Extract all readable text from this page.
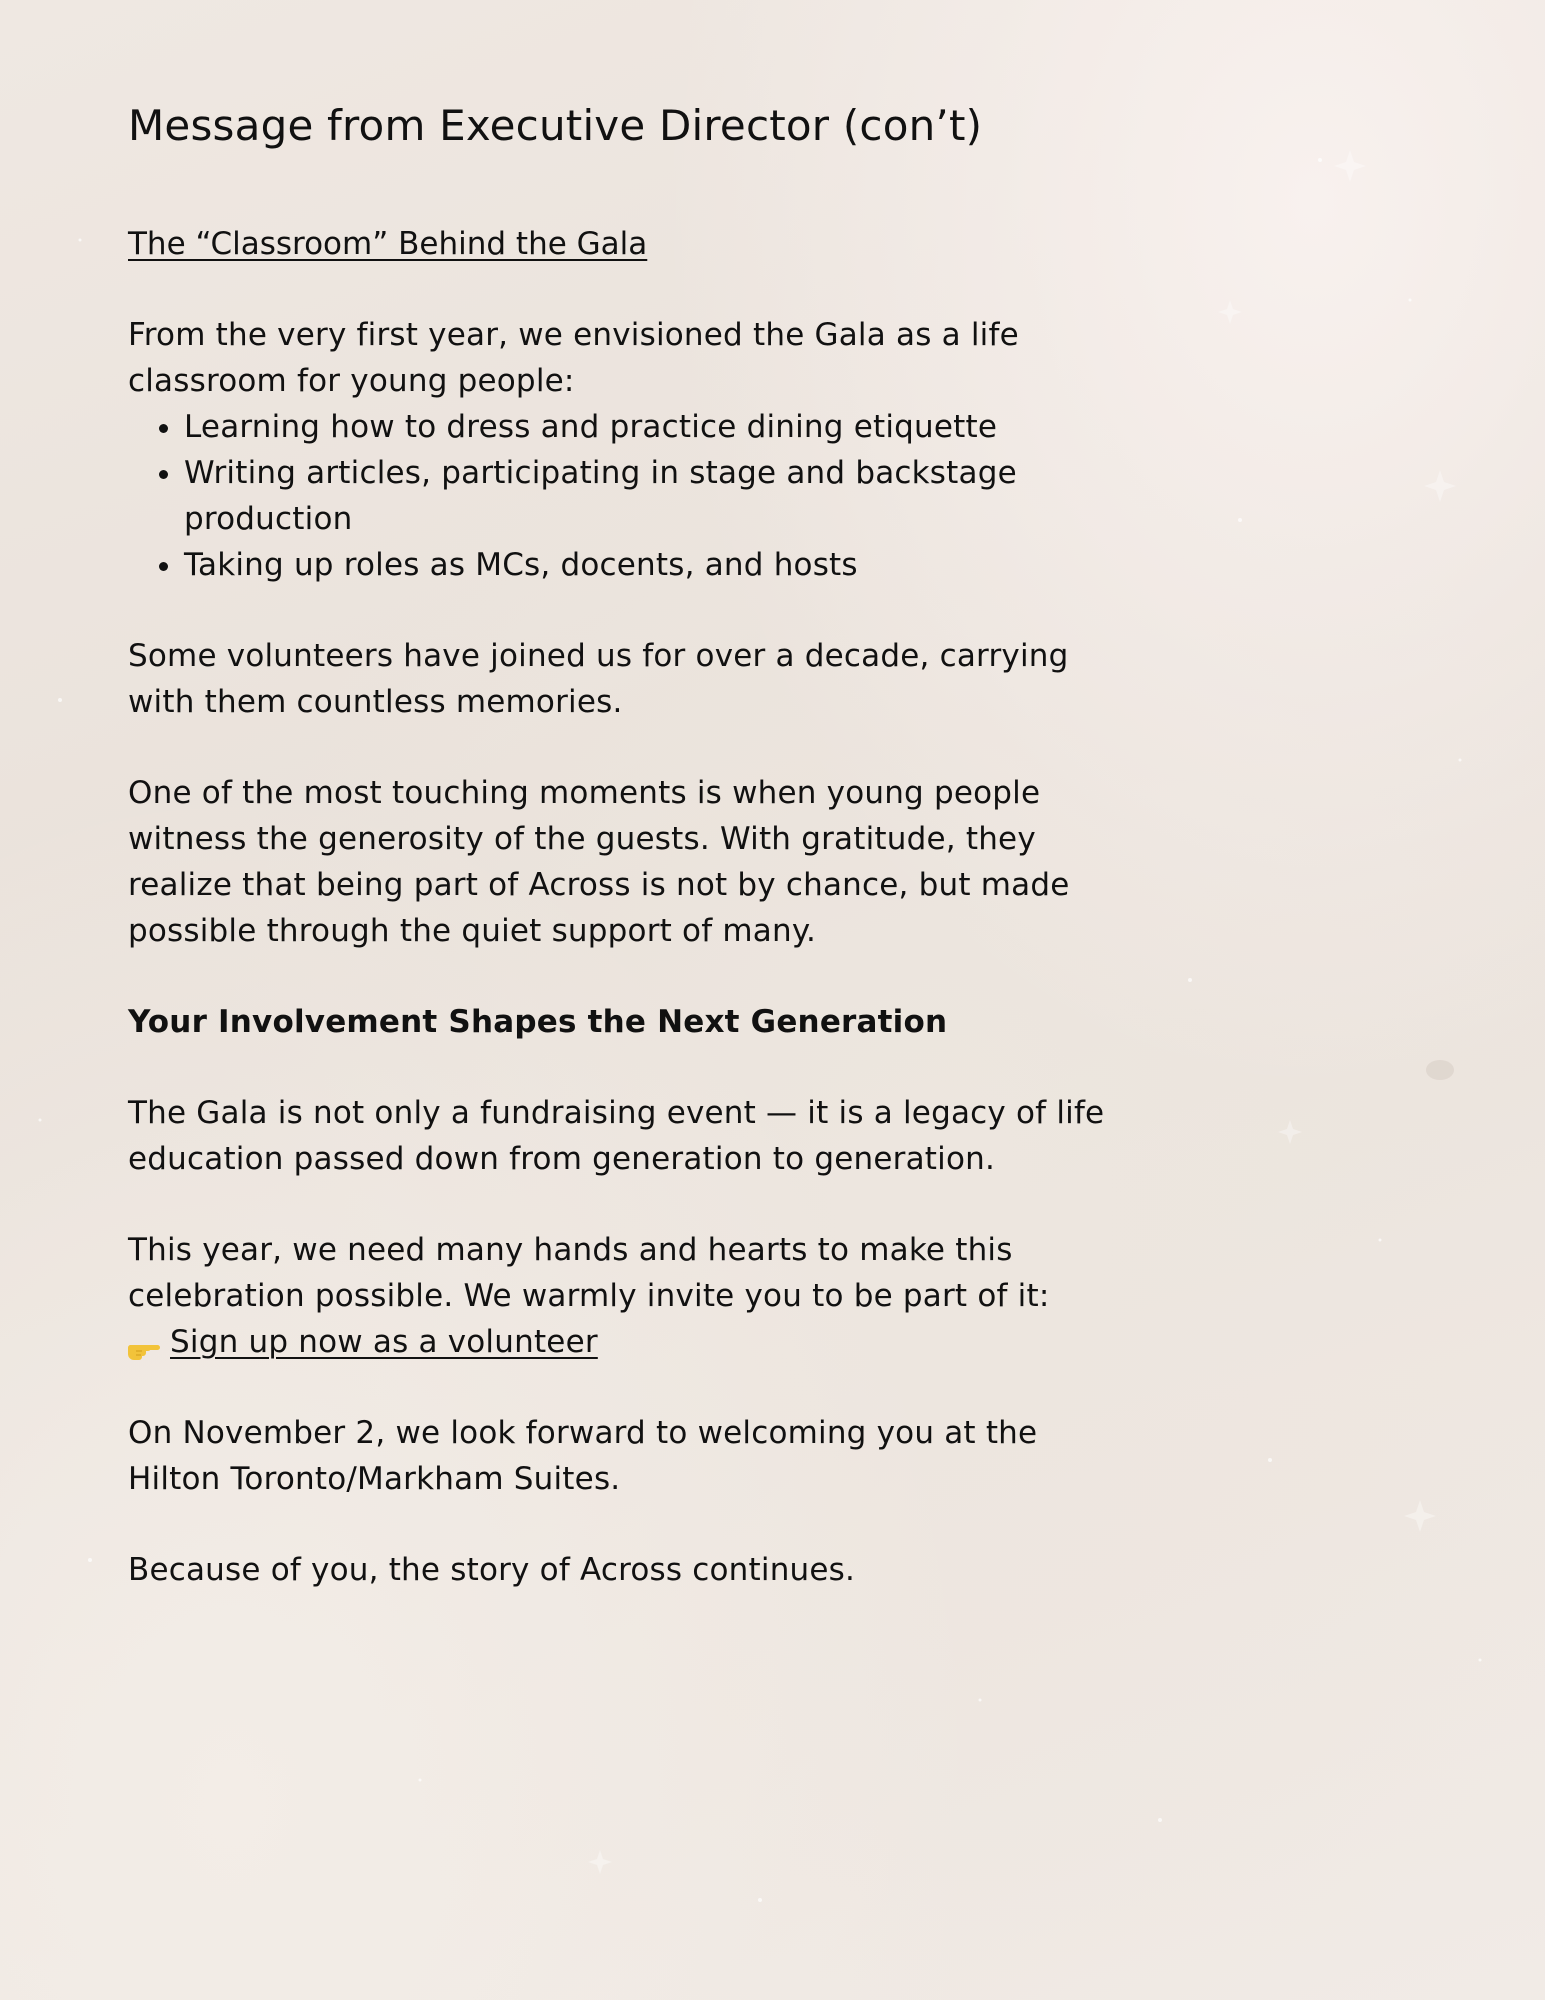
Message from Executive Director (con’t)
The “Classroom” Behind the Gala

From the very first year, we envisioned the Gala as a life classroom for young people:

• Learning how to dress and practice dining etiquette
• Writing articles, participating in stage and backstage production
• Taking up roles as MCs, docents, and hosts

Some volunteers have joined us for over a decade, carrying with them countless memories.

One of the most touching moments is when young people witness the generosity of the guests. With gratitude, they realize that being part of Across is not by chance, but made possible through the quiet support of many.

Your Involvement Shapes the Next Generation

The Gala is not only a fundraising event — it is a legacy of life education passed down from generation to generation.

This year, we need many hands and hearts to make this celebration possible. We warmly invite you to be part of it:

Sign up now as a volunteer

On November 2, we look forward to welcoming you at the Hilton Toronto/Markham Suites.

Because of you, the story of Across continues.
